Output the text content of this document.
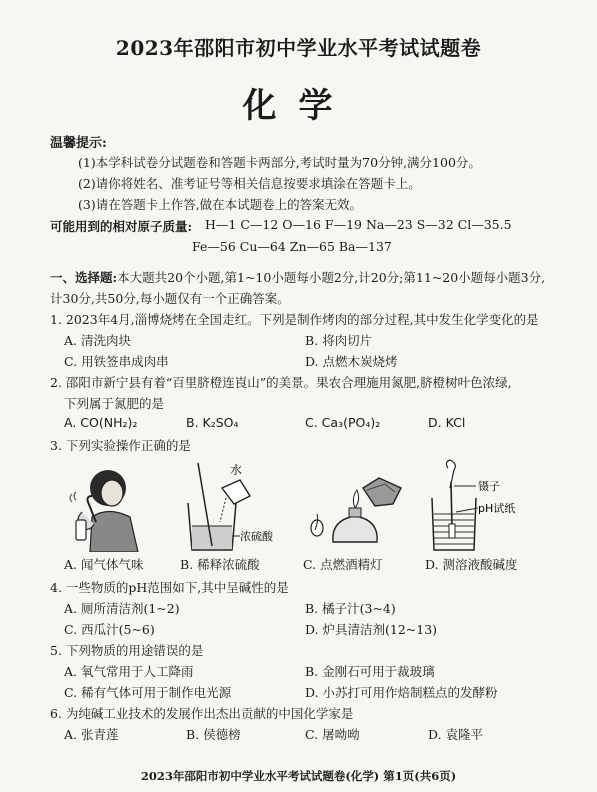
2023年邵阳市初中学业水平考试试题卷
化学
温馨提示:
(1)本学科试卷分试题卷和答题卡两部分,考试时量为70分钟,满分100分。
(2)请你将姓名、准考证号等相关信息按要求填涂在答题卡上。
(3)请在答题卡上作答,做在本试题卷上的答案无效。
可能用到的相对原子质量: H—1 C—12 O—16 F—19 Na—23 S—32 Cl—35.5
Fe—56 Cu—64 Zn—65 Ba—137
一、选择题:本大题共20个小题,第1~10小题每小题2分,计20分;第11~20小题每小题3分,
计30分,共50分,每小题仅有一个正确答案。
1. 2023年4月,淄博烧烤在全国走红。下列是制作烤肉的部分过程,其中发生化学变化的是
A. 清洗肉块	B. 将肉切片
C. 用铁签串成肉串	D. 点燃木炭烧烤
2. 邵阳市新宁县有着“百里脐橙连崀山”的美景。果农合理施用氮肥,脐橙树叶色浓绿,
下列属于氮肥的是
A. CO(NH₂)₂	B. K₂SO₄	C. Ca₃(PO₄)₂	D. KCl
3. 下列实验操作正确的是
水
浓硫酸
镊子
pH试纸
A. 闻气体气味	B. 稀释浓硫酸	C. 点燃酒精灯	D. 测溶液酸碱度
4. 一些物质的pH范围如下,其中呈碱性的是
A. 厕所清洁剂(1~2)	B. 橘子汁(3~4)
C. 西瓜汁(5~6)	D. 炉具清洁剂(12~13)
5. 下列物质的用途错误的是
A. 氧气常用于人工降雨	B. 金刚石可用于裁玻璃
C. 稀有气体可用于制作电光源	D. 小苏打可用作焙制糕点的发酵粉
6. 为纯碱工业技术的发展作出杰出贡献的中国化学家是
A. 张青莲	B. 侯德榜	C. 屠呦呦	D. 袁隆平
2023年邵阳市初中学业水平考试试题卷(化学) 第1页(共6页)
